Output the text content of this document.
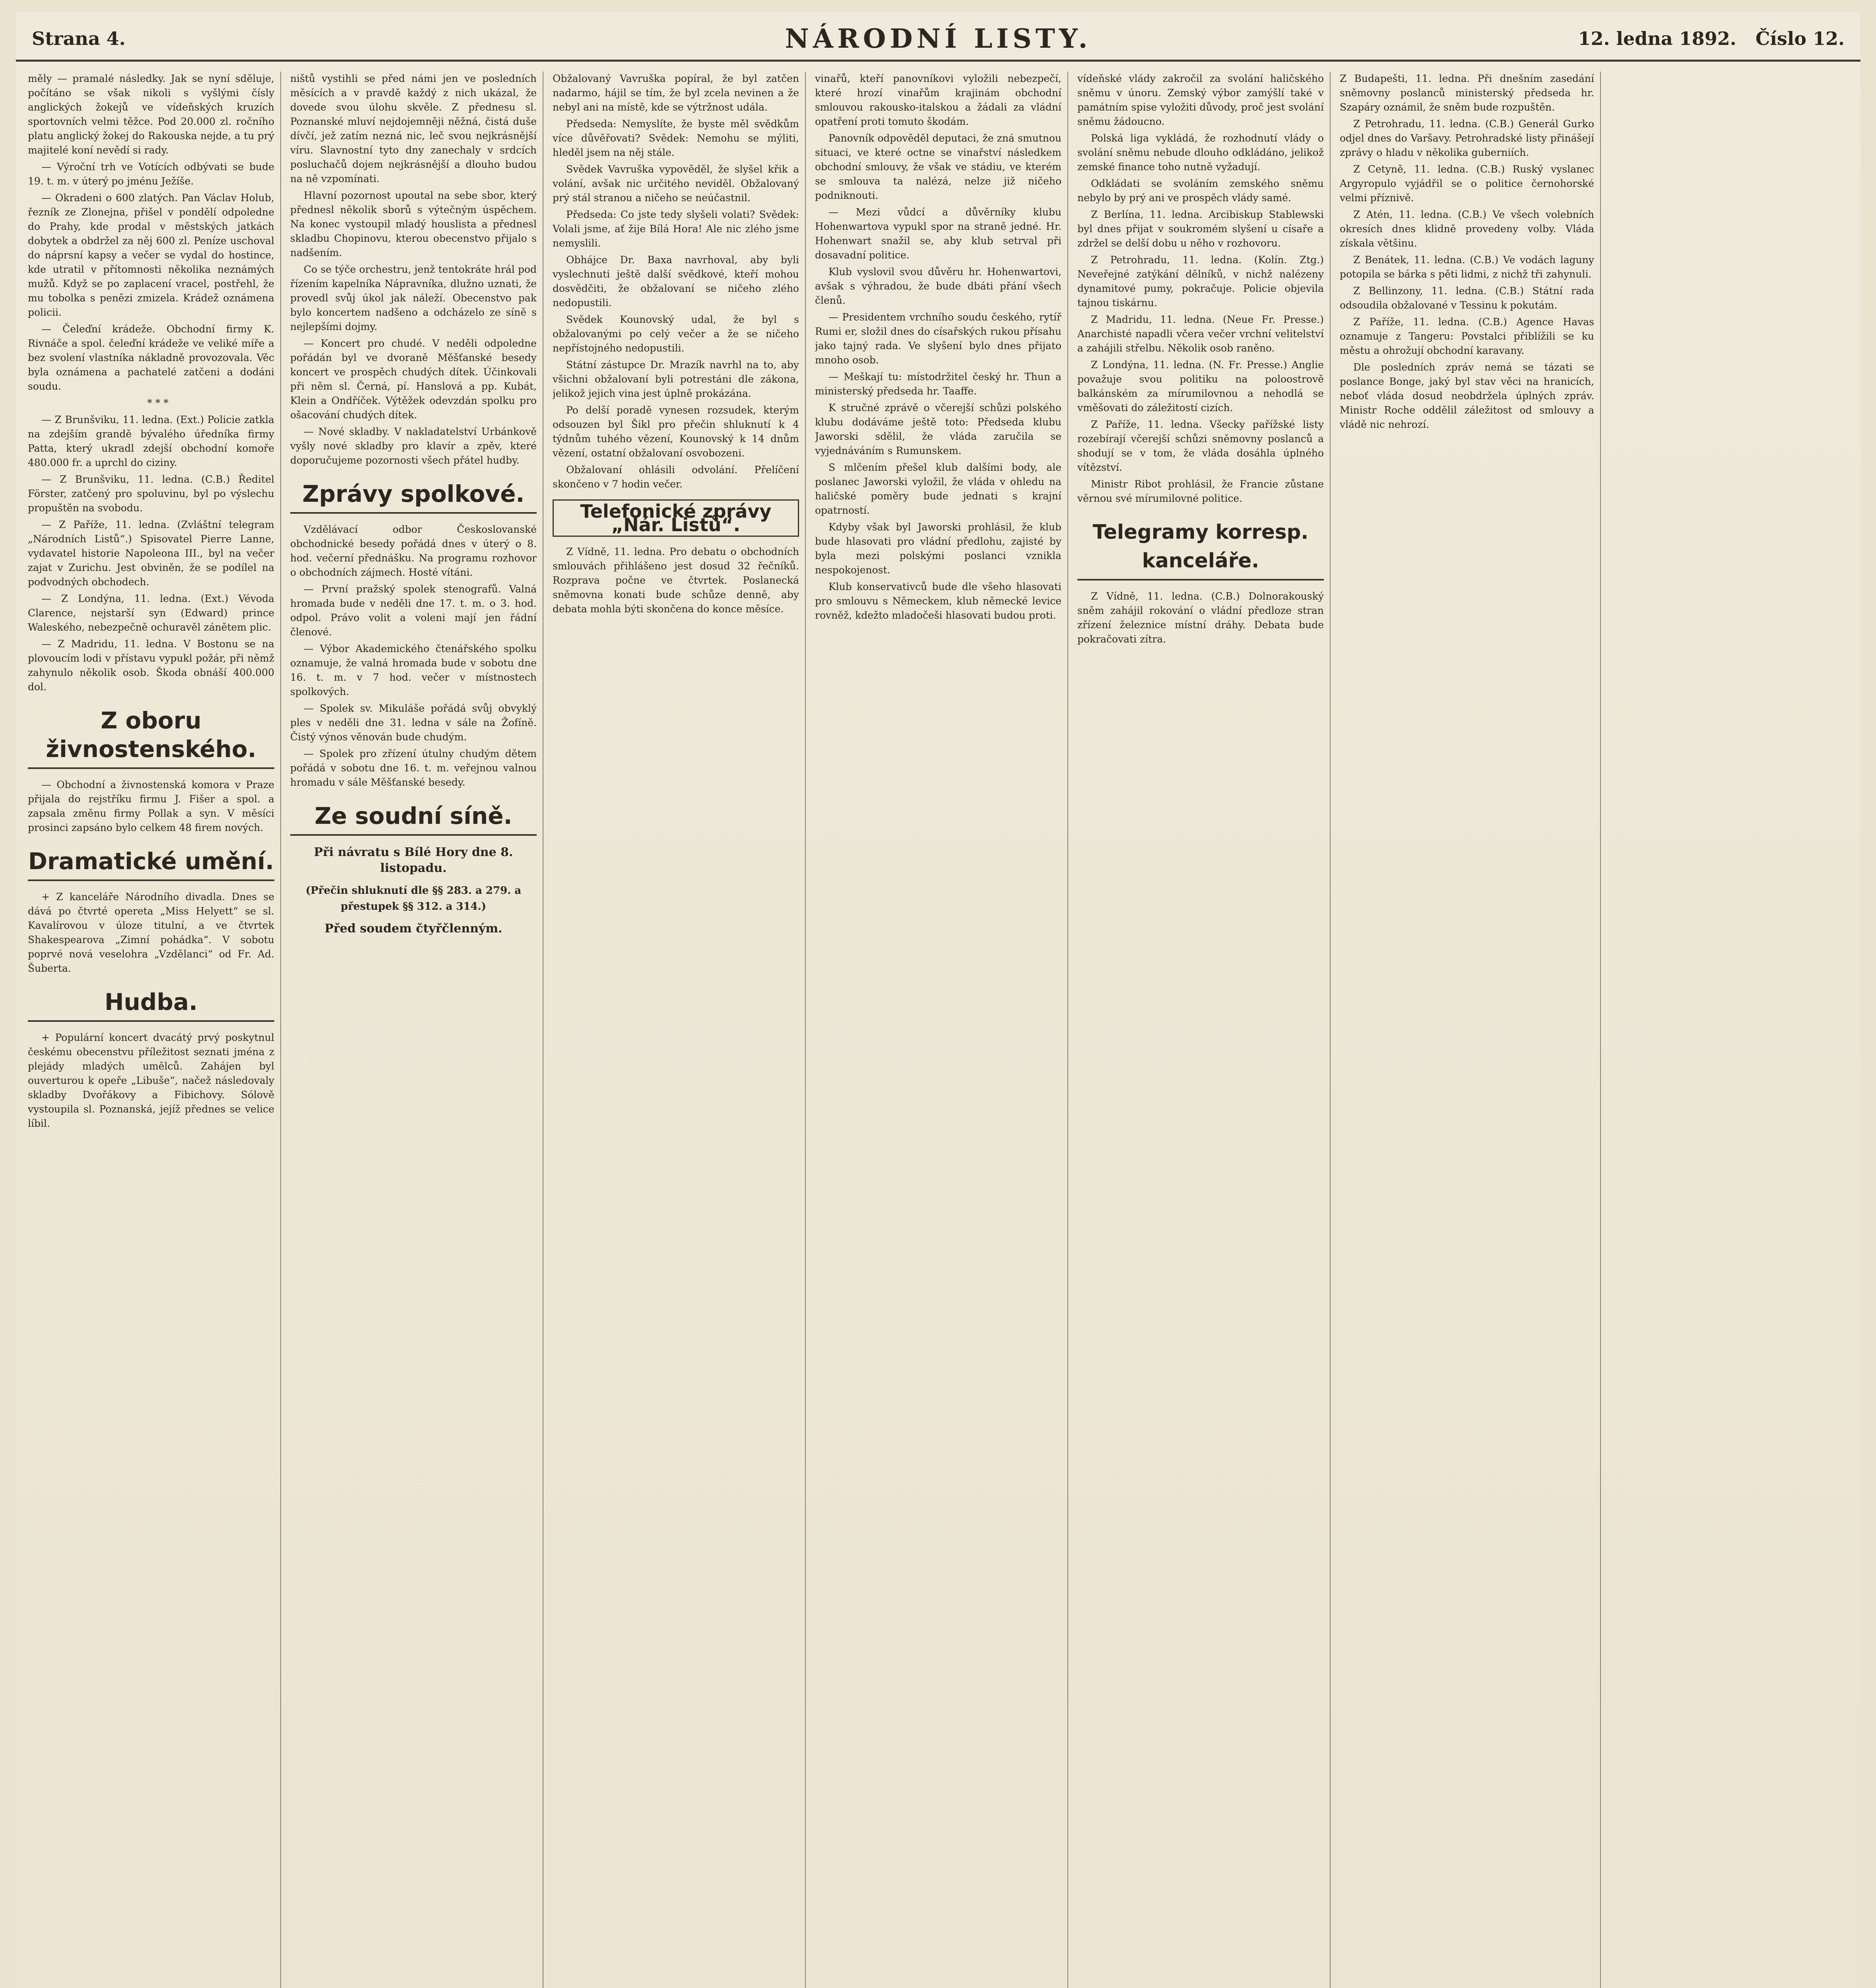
Strana 4.	NÁRODNÍ LISTY.	12. ledna 1892. Číslo 12.

měly — pramalé následky. Jak se nyní sděluje, počítáno se však nikoli s vyšlými čísly anglických žokejů ve vídeňských kruzích sportovních velmi těžce. Pod 20.000 zl. ročního platu anglický žokej do Rakouska nejde, a tu prý majitelé koní nevědí si rady.

— Výroční trh ve Votících odbývati se bude 19. t. m. v úterý po jménu Ježíše.

— Okradeni o 600 zlatých. Pan Václav Holub, řezník ze Zlonejna, přišel v pondělí odpoledne do Prahy, kde prodal v městských jatkách dobytek a obdržel za něj 600 zl. Peníze uschoval do náprsní kapsy a večer se vydal do hostince, kde utratil v přítomnosti několika neznámých mužů. Když se po zaplacení vracel, postřehl, že mu tobolka s penězi zmizela. Krádež oznámena policii.

— Čeleďní krádeže. Obchodní firmy K. Rivnáče a spol. čeleďní krádeže ve veliké míře a bez svolení vlastníka nákladně provozovala. Věc byla oznámena a pachatelé zatčeni a dodáni soudu.

* * *

— Z Brunšviku, 11. ledna. (Ext.) Policie zatkla na zdejším grandě bývalého úředníka firmy Patta, který ukradl zdejší obchodní komoře 480.000 fr. a uprchl do ciziny.

— Z Brunšviku, 11. ledna. (C.B.) Ředitel Förster, zatčený pro spoluvinu, byl po výslechu propuštěn na svobodu.

— Z Paříže, 11. ledna. (Zvláštní telegram „Národních Listů“.) Spisovatel Pierre Lanne, vydavatel historie Napoleona III., byl na večer zajat v Zurichu. Jest obviněn, že se podílel na podvodných obchodech.

— Z Londýna, 11. ledna. (Ext.) Vévoda Clarence, nejstarší syn (Edward) prince Waleského, nebezpečně ochuravěl zánětem plic.

— Z Madridu, 11. ledna. V Bostonu se na plovoucím lodi v přístavu vypukl požár, při němž zahynulo několik osob. Škoda obnáší 400.000 dol.

Z oboru živnostenského.

— Obchodní a živnostenská komora v Praze přijala do rejstříku firmu J. Fišer a spol. a zapsala změnu firmy Pollak a syn. V měsíci prosinci zapsáno bylo celkem 48 firem nových.

Dramatické umění.

+ Z kanceláře Národního divadla. Dnes se dává po čtvrté opereta „Miss Helyett“ se sl. Kavalírovou v úloze titulní, a ve čtvrtek Shakespearova „Zimní pohádka“. V sobotu poprvé nová veselohra „Vzdělanci“ od Fr. Ad. Šuberta.

Hudba.

+ Populární koncert dvacátý prvý poskytnul českému obecenstvu příležitost seznati jména z plejády mladých umělců. Zahájen byl ouverturou k opeře „Libuše“, načež následovaly skladby Dvořákovy a Fibichovy. Sólově vystoupila sl. Poznanská, jejíž přednes se velice líbil.

ništů vystihli se před námi jen ve posledních měsících a v pravdě každý z nich ukázal, že dovede svou úlohu skvěle. Z přednesu sl. Poznanské mluví nejdojemněji něžná, čistá duše dívčí, jež zatím nezná nic, leč svou nejkrásnější víru. Slavnostní tyto dny zanechaly v srdcích posluchačů dojem nejkrásnější a dlouho budou na ně vzpomínati.

Hlavní pozornost upoutal na sebe sbor, který přednesl několik sborů s výtečným úspěchem. Na konec vystoupil mladý houslista a přednesl skladbu Chopinovu, kterou obecenstvo přijalo s nadšením.

Co se týče orchestru, jenž tentokráte hrál pod řízením kapelníka Nápravníka, dlužno uznati, že provedl svůj úkol jak náleží. Obecenstvo pak bylo koncertem nadšeno a odcházelo ze síně s nejlepšími dojmy.

— Koncert pro chudé. V neděli odpoledne pořádán byl ve dvoraně Měšťanské besedy koncert ve prospěch chudých dítek. Účinkovali při něm sl. Černá, pí. Hanslová a pp. Kubát, Klein a Ondříček. Výtěžek odevzdán spolku pro ošacování chudých dítek.

— Nové skladby. V nakladatelství Urbánkově vyšly nové skladby pro klavír a zpěv, které doporučujeme pozornosti všech přátel hudby.

Zprávy spolkové.

Vzdělávací odbor Českoslovanské obchodnické besedy pořádá dnes v úterý o 8. hod. večerní přednášku. Na programu rozhovor o obchodních zájmech. Hosté vítáni.

— První pražský spolek stenografů. Valná hromada bude v neděli dne 17. t. m. o 3. hod. odpol. Právo volit a voleni mají jen řádní členové.

— Výbor Akademického čtenářského spolku oznamuje, že valná hromada bude v sobotu dne 16. t. m. v 7 hod. večer v místnostech spolkových.

— Spolek sv. Mikuláše pořádá svůj obvyklý ples v neděli dne 31. ledna v sále na Žofíně. Čistý výnos věnován bude chudým.

— Spolek pro zřízení útulny chudým dětem pořádá v sobotu dne 16. t. m. veřejnou valnou hromadu v sále Měšťanské besedy.

Ze soudní síně.
Při návratu s Bílé Hory dne 8. listopadu.
(Přečin shluknutí dle §§ 283. a 279. a přestupek §§ 312. a 314.)
Před soudem čtyřčlenným.

Obžalovaný Vavruška popíral, že byl zatčen nadarmo, hájil se tím, že byl zcela nevinen a že nebyl ani na místě, kde se výtržnost udála.

Předseda: Nemyslíte, že byste měl svědkům více důvěřovati? Svědek: Nemohu se mýliti, hleděl jsem na něj stále.

Svědek Vavruška vypověděl, že slyšel křik a volání, avšak nic určitého neviděl. Obžalovaný prý stál stranou a ničeho se neúčastnil.

Předseda: Co jste tedy slyšeli volati? Svědek: Volali jsme, ať žije Bílá Hora! Ale nic zlého jsme nemyslili.

Obhájce Dr. Baxa navrhoval, aby byli vyslechnuti ještě další svědkové, kteří mohou dosvědčiti, že obžalovaní se ničeho zlého nedopustili.

Svědek Kounovský udal, že byl s obžalovanými po celý večer a že se ničeho nepřístojného nedopustili.

Státní zástupce Dr. Mrazík navrhl na to, aby všichni obžalovaní byli potrestáni dle zákona, jelikož jejich vina jest úplně prokázána.

Po delší poradě vynesen rozsudek, kterým odsouzen byl Šikl pro přečin shluknutí k 4 týdnům tuhého vězení, Kounovský k 14 dnům vězení, ostatní obžalovaní osvobozeni.

Obžalovaní ohlásili odvolání. Přelíčení skončeno v 7 hodin večer.

Telefonické zprávy „Nár. Listů“.

Z Vídně, 11. ledna. Pro debatu o obchodních smlouvách přihlášeno jest dosud 32 řečníků. Rozprava počne ve čtvrtek. Poslanecká sněmovna konati bude schůze denně, aby debata mohla býti skončena do konce měsíce.

vinařů, kteří panovníkovi vyložili nebezpečí, které hrozí vinařům krajinám obchodní smlouvou rakousko-italskou a žádali za vládní opatření proti tomuto škodám.

Panovník odpověděl deputaci, že zná smutnou situaci, ve které octne se vinařství následkem obchodní smlouvy, že však ve stádiu, ve kterém se smlouva ta nalézá, nelze již ničeho podniknouti.

— Mezi vůdcí a důvěrníky klubu Hohenwartova vypukl spor na straně jedné. Hr. Hohenwart snažil se, aby klub setrval při dosavadní politice.

Klub vyslovil svou důvěru hr. Hohenwartovi, avšak s výhradou, že bude dbáti přání všech členů.

— Presidentem vrchního soudu českého, rytíř Rumi er, složil dnes do císařských rukou přísahu jako tajný rada. Ve slyšení bylo dnes přijato mnoho osob.

— Meškají tu: místodržitel český hr. Thun a ministerský předseda hr. Taaffe.

K stručné zprávě o včerejší schůzi polského klubu dodáváme ještě toto: Předseda klubu Jaworski sdělil, že vláda zaručila se vyjednáváním s Rumunskem.

S mlčením přešel klub dalšími body, ale poslanec Jaworski vyložil, že vláda v ohledu na haličské poměry bude jednati s krajní opatrností.

Kdyby však byl Jaworski prohlásil, že klub bude hlasovati pro vládní předlohu, zajisté by byla mezi polskými poslanci vznikla nespokojenost.

Klub konservativců bude dle všeho hlasovati pro smlouvu s Německem, klub německé levice rovněž, kdežto mladočeši hlasovati budou proti.

vídeňské vlády zakročil za svolání haličského sněmu v únoru. Zemský výbor zamýšlí také v památním spise vyložiti důvody, proč jest svolání sněmu žádoucno.

Polská liga vykládá, že rozhodnutí vlády o svolání sněmu nebude dlouho odkládáno, jelikož zemské finance toho nutně vyžadují.

Odkládati se svoláním zemského sněmu nebylo by prý ani ve prospěch vlády samé.

Z Berlína, 11. ledna. Arcibiskup Stablewski byl dnes přijat v soukromém slyšení u císaře a zdržel se delší dobu u něho v rozhovoru.

Z Petrohradu, 11. ledna. (Kolín. Ztg.) Neveřejné zatýkání dělníků, v nichž nalézeny dynamitové pumy, pokračuje. Policie objevila tajnou tiskárnu.

Z Madridu, 11. ledna. (Neue Fr. Presse.) Anarchisté napadli včera večer vrchní velitelství a zahájili střelbu. Několik osob raněno.

Z Londýna, 11. ledna. (N. Fr. Presse.) Anglie považuje svou politiku na poloostrově balkánském za mírumilovnou a nehodlá se vměšovati do záležitostí cizích.

Z Paříže, 11. ledna. Všecky pařížské listy rozebírají včerejší schůzi sněmovny poslanců a shodují se v tom, že vláda dosáhla úplného vítězství.

Ministr Ribot prohlásil, že Francie zůstane věrnou své mírumilovné politice.

Telegramy korresp. kanceláře.

Z Vídně, 11. ledna. (C.B.) Dolnorakouský sněm zahájil rokování o vládní předloze stran zřízení železnice místní dráhy. Debata bude pokračovati zítra.

Z Budapešti, 11. ledna. Při dnešním zasedání sněmovny poslanců ministerský předseda hr. Szapáry oznámil, že sněm bude rozpuštěn.

Z Petrohradu, 11. ledna. (C.B.) Generál Gurko odjel dnes do Varšavy. Petrohradské listy přinášejí zprávy o hladu v několika guberniích.

Z Cetyně, 11. ledna. (C.B.) Ruský vyslanec Argyropulo vyjádřil se o politice černohorské velmi příznivě.

Z Atén, 11. ledna. (C.B.) Ve všech volebních okresích dnes klidně provedeny volby. Vláda získala většinu.

Z Benátek, 11. ledna. (C.B.) Ve vodách laguny potopila se bárka s pěti lidmi, z nichž tři zahynuli.

Z Bellinzony, 11. ledna. (C.B.) Státní rada odsoudila obžalované v Tessinu k pokutám.

Z Paříže, 11. ledna. (C.B.) Agence Havas oznamuje z Tangeru: Povstalci přiblížili se ku městu a ohrožují obchodní karavany.

Dle posledních zpráv nemá se tázati se poslance Bonge, jaký byl stav věci na hranicích, neboť vláda dosud neobdržela úplných zpráv. Ministr Roche oddělil záležitost od smlouvy a vládě nic nehrozí.
